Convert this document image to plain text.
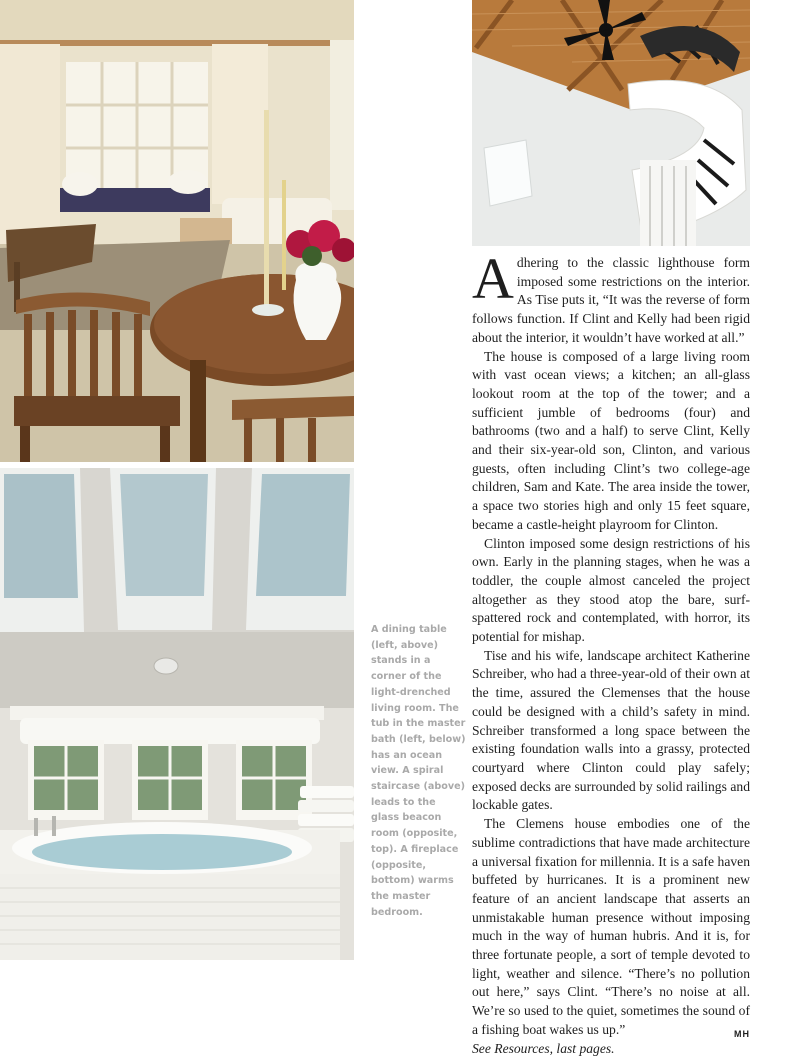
A dining table (left, above) stands in a corner of the light-drenched living room. The tub in the master bath (left, below) has an ocean view. A spiral staircase (above) leads to the glass beacon room (opposite, top). A fireplace (opposite, bottom) warms the master bedroom.

Adhering to the classic lighthouse form imposed some restrictions on the interior. As Tise puts it, “It was the reverse of form follows function. If Clint and Kelly had been rigid about the interior, it wouldn’t have worked at all.”

The house is composed of a large living room with vast ocean views; a kitchen; an all-glass lookout room at the top of the tower; and a sufficient jumble of bedrooms (four) and bathrooms (two and a half) to serve Clint, Kelly and their six-year-old son, Clinton, and various guests, often including Clint’s two college-age children, Sam and Kate. The area inside the tower, a space two stories high and only 15 feet square, became a castle-height playroom for Clinton.

Clinton imposed some design restrictions of his own. Early in the planning stages, when he was a toddler, the couple almost canceled the project altogether as they stood atop the bare, surf-spattered rock and contemplated, with horror, its potential for mishap.

Tise and his wife, landscape architect Katherine Schreiber, who had a three-year-old of their own at the time, assured the Clemenses that the house could be designed with a child’s safety in mind. Schreiber transformed a long space between the existing foundation walls into a grassy, protected courtyard where Clinton could play safely; exposed decks are surrounded by solid railings and lockable gates.

The Clemens house embodies one of the sublime contradictions that have made architecture a universal fixation for millennia. It is a safe haven buffeted by hurricanes. It is a prominent new feature of an ancient landscape that asserts an unmistakable human presence without imposing much in the way of human hubris. And it is, for three fortunate people, a sort of temple devoted to light, weather and silence. “There’s no pollution out here,” says Clint. “There’s no noise at all. We’re so used to the quiet, sometimes the sound of a fishing boat wakes us up.”	MH

See Resources, last pages.
